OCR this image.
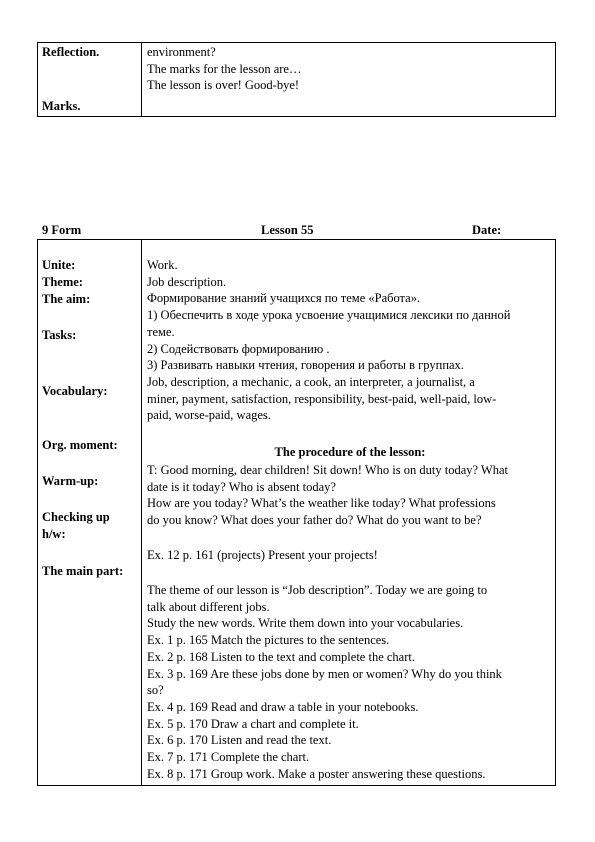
Reflection.
Marks.
environment?
The marks for the lesson are…
The lesson is over! Good-bye!
9 Form	Lesson 55	Date:
Unite:
Theme:
The aim:
Tasks:
Vocabulary:
Org. moment:
Warm-up:
Checking up
h/w:
The main part:
Work.
Job description.
Формирование знаний учащихся по теме «Работа».
1) Обеспечить в ходе урока усвоение учащимися лексики по данной
теме.
2) Содействовать формированию .
3) Развивать навыки чтения, говорения и работы в группах.
Job, description, a mechanic, a cook, an interpreter, a journalist, a
miner, payment, satisfaction, responsibility, best-paid, well-paid, low-
paid, worse-paid, wages.
The procedure of the lesson:
T: Good morning, dear children! Sit down! Who is on duty today? What
date is it today? Who is absent today?
How are you today? What’s the weather like today? What professions
do you know? What does your father do? What do you want to be?
Ex. 12 p. 161 (projects) Present your projects!
The theme of our lesson is “Job description”. Today we are going to
talk about different jobs.
Study the new words. Write them down into your vocabularies.
Ex. 1 p. 165 Match the pictures to the sentences.
Ex. 2 p. 168 Listen to the text and complete the chart.
Ex. 3 p. 169 Are these jobs done by men or women? Why do you think
so?
Ex. 4 p. 169 Read and draw a table in your notebooks.
Ex. 5 p. 170 Draw a chart and complete it.
Ex. 6 p. 170 Listen and read the text.
Ex. 7 p. 171 Complete the chart.
Ex. 8 p. 171 Group work. Make a poster answering these questions.
